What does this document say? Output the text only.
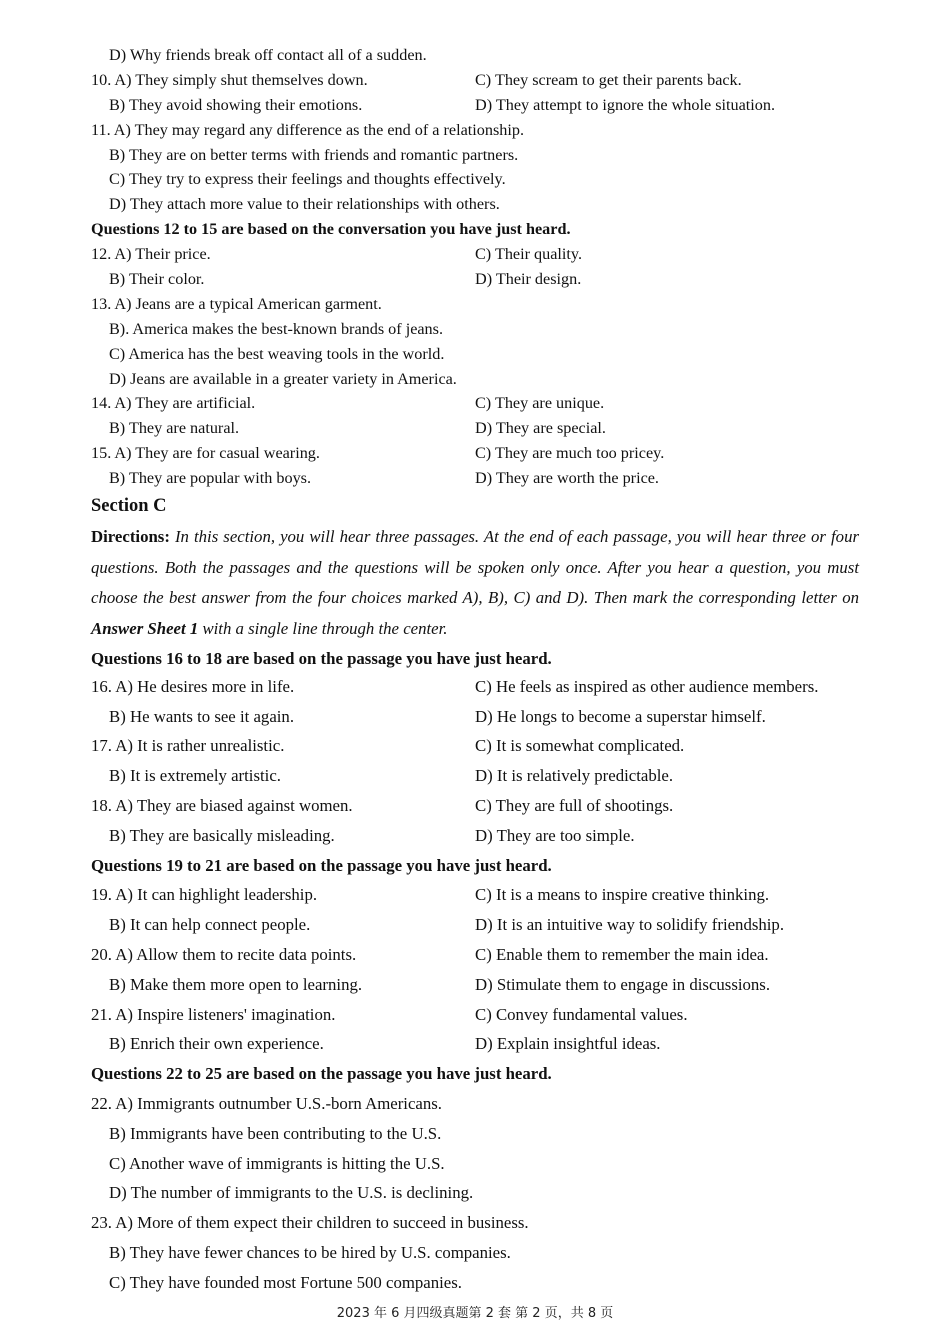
D) Why friends break off contact all of a sudden.
10. A) They simply shut themselves down.	C) They scream to get their parents back.
B) They avoid showing their emotions.	D) They attempt to ignore the whole situation.
11. A) They may regard any difference as the end of a relationship.
B) They are on better terms with friends and romantic partners.
C) They try to express their feelings and thoughts effectively.
D) They attach more value to their relationships with others.
Questions 12 to 15 are based on the conversation you have just heard.
12. A) Their price.	C) Their quality.
B) Their color.	D) Their design.
13. A) Jeans are a typical American garment.
B). America makes the best-known brands of jeans.
C) America has the best weaving tools in the world.
D) Jeans are available in a greater variety in America.
14. A) They are artificial.	C) They are unique.
B) They are natural.	D) They are special.
15. A) They are for casual wearing.	C) They are much too pricey.
B) They are popular with boys.	D) They are worth the price.
Section C
Directions: In this section, you will hear three passages. At the end of each passage, you will hear three or four questions. Both the passages and the questions will be spoken only once. After you hear a question, you must choose the best answer from the four choices marked A), B), C) and D). Then mark the corresponding letter on Answer Sheet 1 with a single line through the center.
Questions 16 to 18 are based on the passage you have just heard.
16. A) He desires more in life.	C) He feels as inspired as other audience members.
B) He wants to see it again.	D) He longs to become a superstar himself.
17. A) It is rather unrealistic.	C) It is somewhat complicated.
B) It is extremely artistic.	D) It is relatively predictable.
18. A) They are biased against women.	C) They are full of shootings.
B) They are basically misleading.	D) They are too simple.
Questions 19 to 21 are based on the passage you have just heard.
19. A) It can highlight leadership.	C) It is a means to inspire creative thinking.
B) It can help connect people.	D) It is an intuitive way to solidify friendship.
20. A) Allow them to recite data points.	C) Enable them to remember the main idea.
B) Make them more open to learning.	D) Stimulate them to engage in discussions.
21. A) Inspire listeners' imagination.	C) Convey fundamental values.
B) Enrich their own experience.	D) Explain insightful ideas.
Questions 22 to 25 are based on the passage you have just heard.
22. A) Immigrants outnumber U.S.-born Americans.
B) Immigrants have been contributing to the U.S.
C) Another wave of immigrants is hitting the U.S.
D) The number of immigrants to the U.S. is declining.
23. A) More of them expect their children to succeed in business.
B) They have fewer chances to be hired by U.S. companies.
C) They have founded most Fortune 500 companies.
2023 年 6 月四级真题第 2 套 第 2 页，共 8 页
